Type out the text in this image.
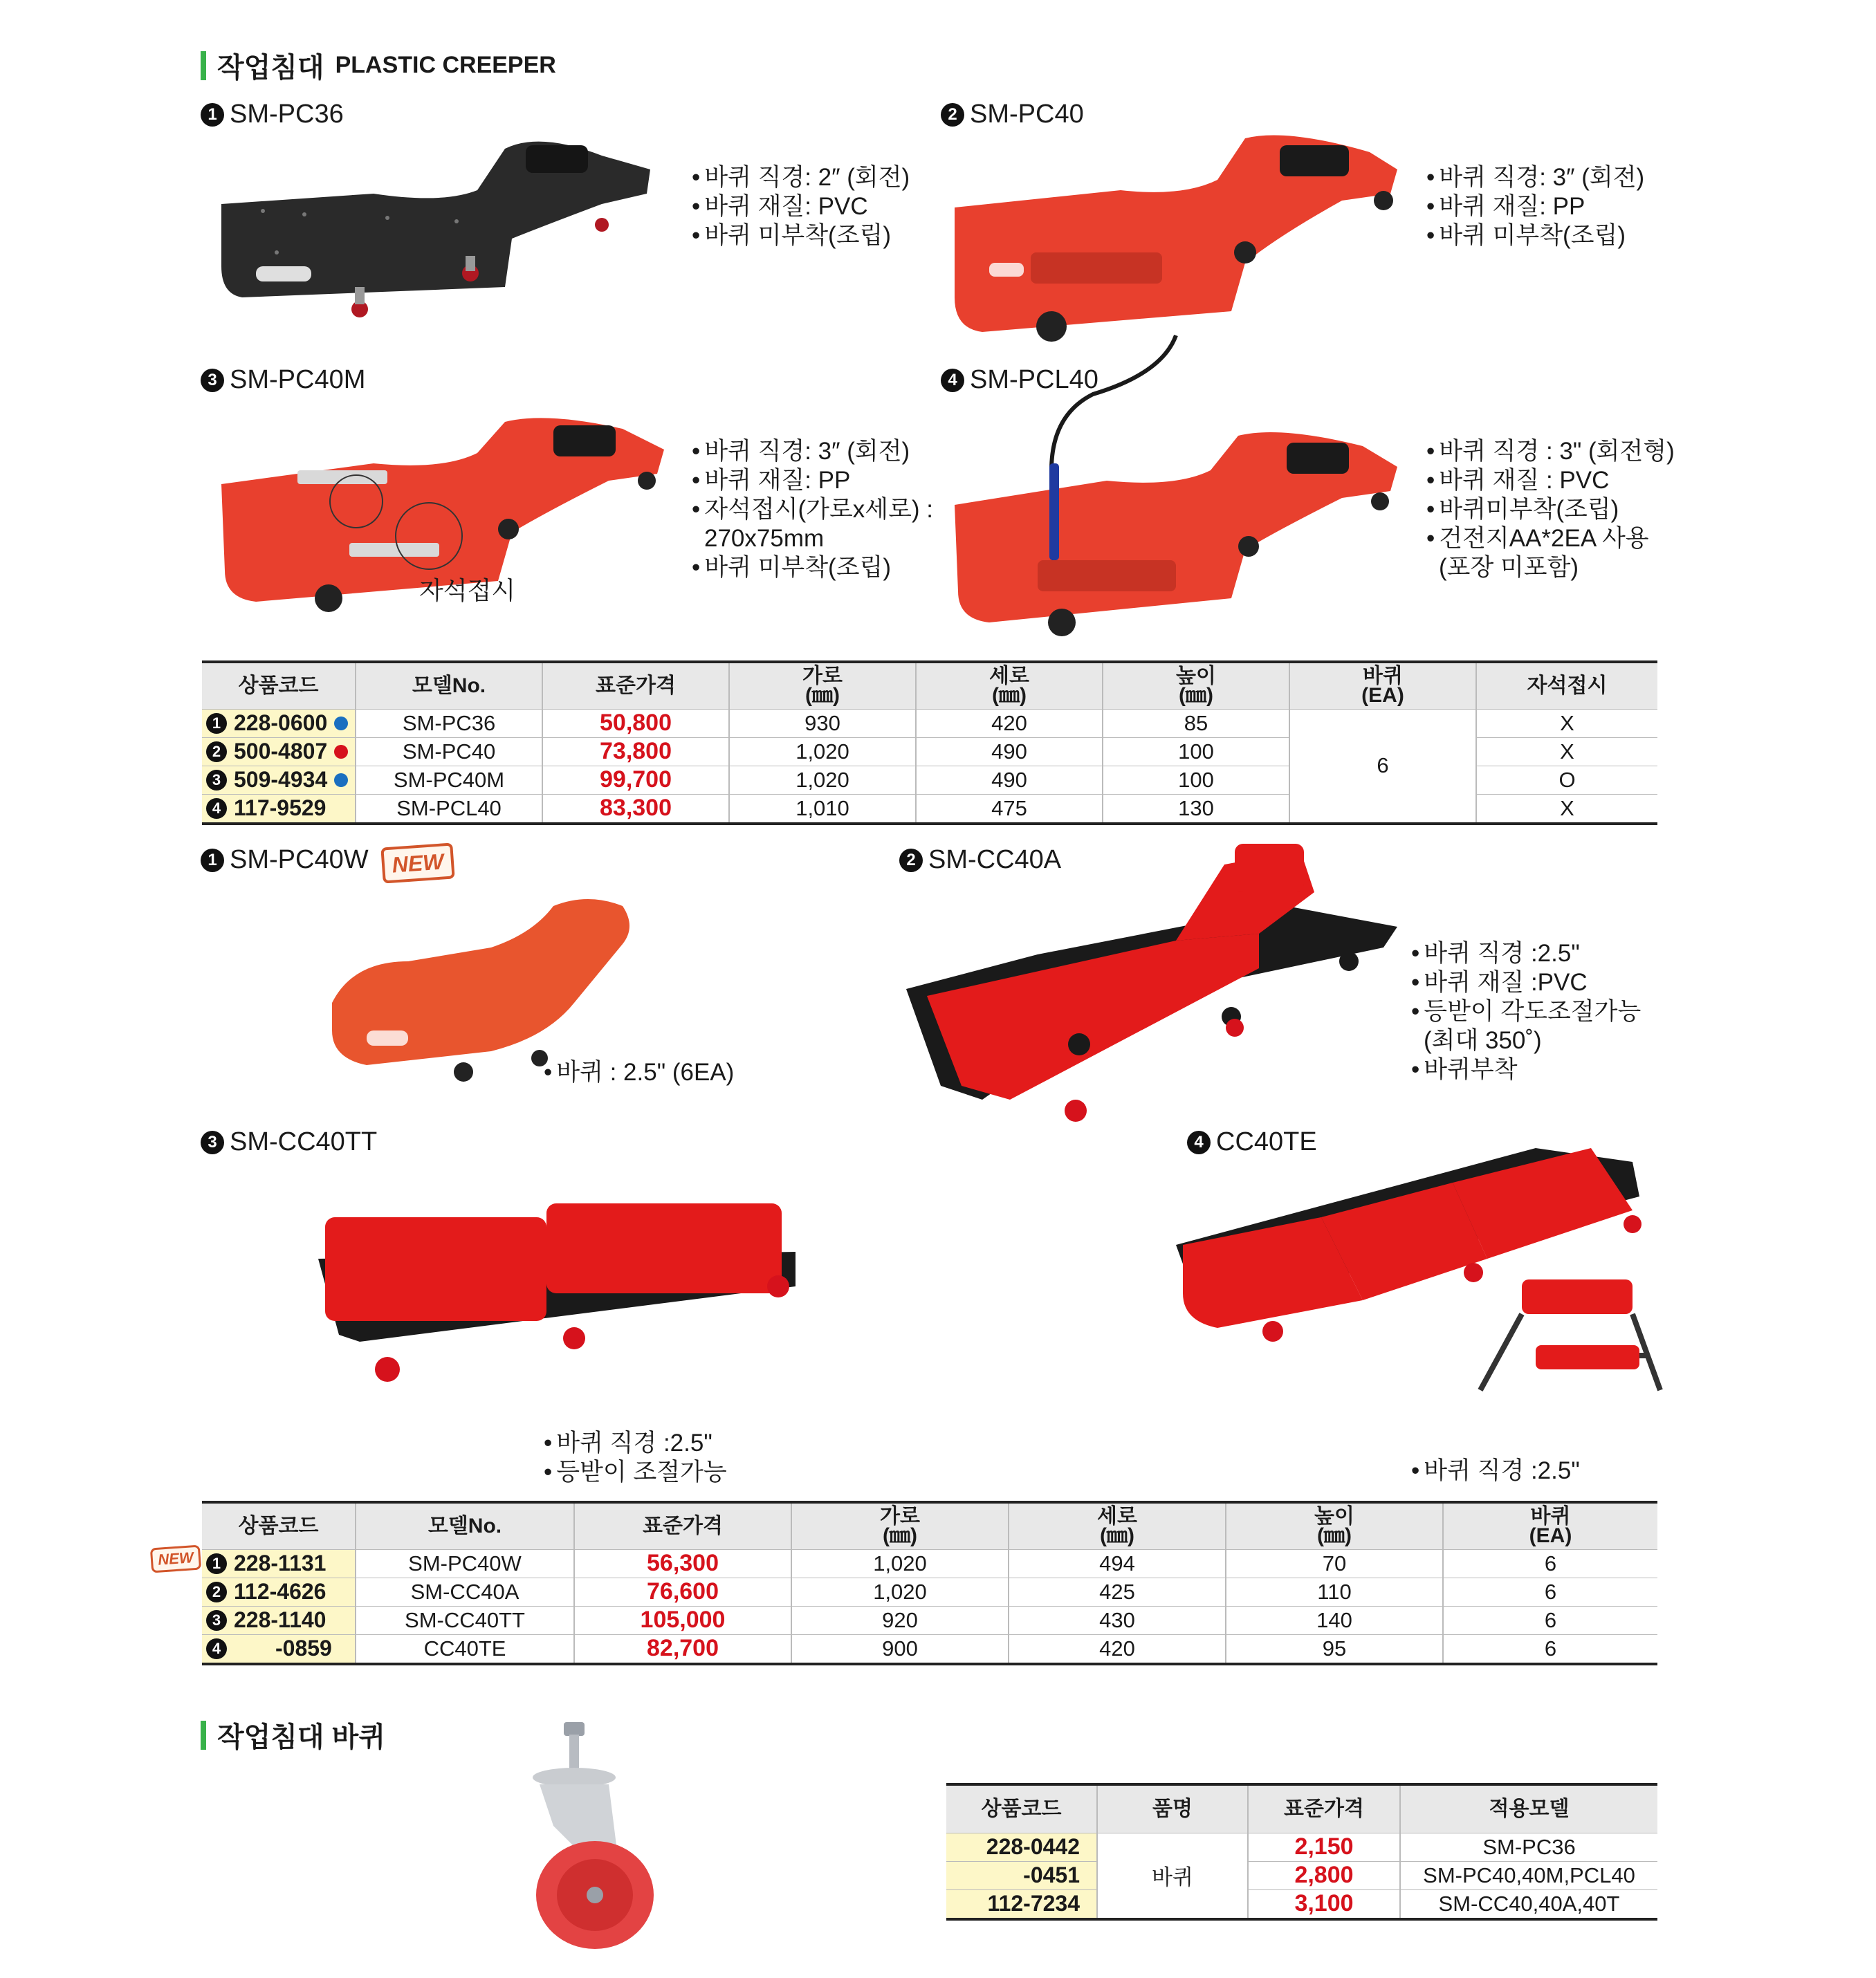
작업침대 PLASTIC CREEPER
1 SM-PC36
• 바퀴 직경: 2″ (회전)
• 바퀴 재질: PVC
• 바퀴 미부착(조립)
2 SM-PC40
• 바퀴 직경: 3″ (회전)
• 바퀴 재질: PP
• 바퀴 미부착(조립)
3 SM-PC40M
자석접시
• 바퀴 직경: 3″ (회전)
• 바퀴 재질: PP
• 자석접시(가로x세로) :
270x75mm
• 바퀴 미부착(조립)
4 SM-PCL40
• 바퀴 직경 : 3" (회전형)
• 바퀴 재질 : PVC
• 바퀴미부착(조립)
• 건전지AA*2EA 사용
(포장 미포함)
상품코드	모델No.	표준가격	가로
(㎜)	세로
(㎜)	높이
(㎜)	바퀴
(EA)	자석접시

1 228-0600	SM-PC36	50,800	930	420	85	6	X

2 500-4807	SM-PC40	73,800	1,020	490	100		X

3 509-4934	SM-PC40M	99,700	1,020	490	100		O

4 117-9529	SM-PCL40	83,300	1,010	475	130		X
1 SM-PC40W	NEW
• 바퀴 : 2.5" (6EA)
2 SM-CC40A
• 바퀴 직경 :2.5"
• 바퀴 재질 :PVC
• 등받이 각도조절가능
(최대 350˚)
• 바퀴부착
3 SM-CC40TT
• 바퀴 직경 :2.5"
• 등받이 조절가능
4 CC40TE
• 바퀴 직경 :2.5"
NEW
상품코드	모델No.	표준가격	가로
(㎜)	세로
(㎜)	높이
(㎜)	바퀴
(EA)

1 228-1131	SM-PC40W	56,300	1,020	494	70	6

2 112-4626	SM-CC40A	76,600	1,020	425	110	6

3 228-1140	SM-CC40TT	105,000	920	430	140	6

4 -0859	CC40TE	82,700	900	420	95	6
작업침대 바퀴
상품코드	품명	표준가격	적용모델
228-0442	바퀴	2,150	SM-PC36
-0451		2,800	SM-PC40,40M,PCL40
112-7234		3,100	SM-CC40,40A,40T
